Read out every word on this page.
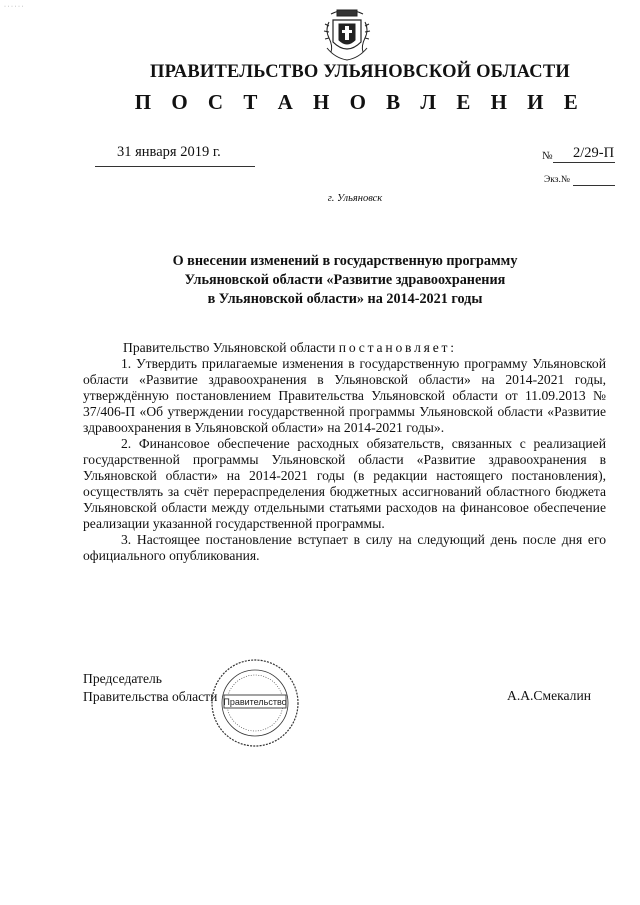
ПРАВИТЕЛЬСТВО УЛЬЯНОВСКОЙ ОБЛАСТИ
П О С Т А Н О В Л Е Н И Е
31 января 2019 г.	№ 2/29-П
Экз.№
г. Ульяновск
О внесении изменений в государственную программу
Ульяновской области «Развитие здравоохранения
в Ульяновской области» на 2014-2021 годы
Правительство Ульяновской области постановляет:

1. Утвердить прилагаемые изменения в государственную программу Ульяновской области «Развитие здравоохранения в Ульяновской области» на 2014-2021 годы, утверждённую постановлением Правительства Ульяновской области от 11.09.2013 № 37/406-П «Об утверждении государственной программы Ульяновской области «Развитие здравоохранения в Ульяновской области» на 2014-2021 годы».

2. Финансовое обеспечение расходных обязательств, связанных с реализацией государственной программы Ульяновской области «Развитие здравоохранения в Ульяновской области» на 2014-2021 годы (в редакции настоящего постановления), осуществлять за счёт перераспределения бюджетных ассигнований областного бюджета Ульяновской области между отдельными статьями расходов на финансовое обеспечение реализации указанной государственной программы.

3. Настоящее постановление вступает в силу на следующий день после дня его официального опубликования.

Председатель
Правительства области	А.А.Смекалин
Правительство
· · · · · ·
